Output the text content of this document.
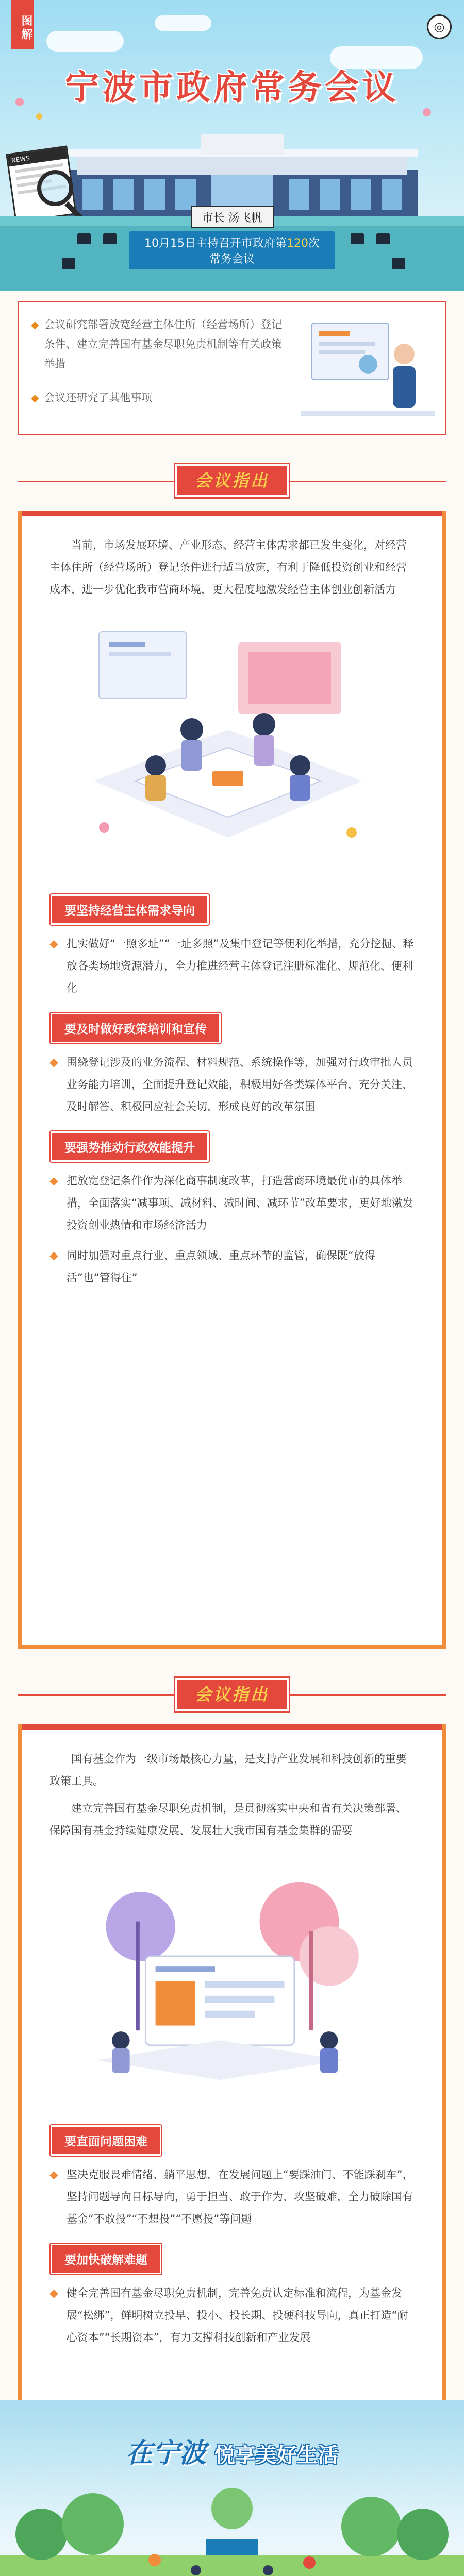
图解	◎
宁波市政府常务会议
NEWS
市长 汤飞帆
10月15日主持召开市政府第120次常务会议
◆ 会议研究部署放宽经营主体住所（经营场所）登记条件、建立完善国有基金尽职免责机制等有关政策举措
◆ 会议还研究了其他事项
会议指出
当前，市场发展环境、产业形态、经营主体需求都已发生变化，对经营主体住所（经营场所）登记条件进行适当放宽，有利于降低投资创业和经营成本，进一步优化我市营商环境，更大程度地激发经营主体创业创新活力
要坚持经营主体需求导向
◆ 扎实做好“一照多址”“一址多照”及集中登记等便利化举措，充分挖掘、释放各类场地资源潜力，全力推进经营主体登记注册标准化、规范化、便利化
要及时做好政策培训和宣传
◆ 围绕登记涉及的业务流程、材料规范、系统操作等，加强对行政审批人员业务能力培训，全面提升登记效能，积极用好各类媒体平台，充分关注、及时解答、积极回应社会关切，形成良好的改革氛围
要强势推动行政效能提升
◆ 把放宽登记条件作为深化商事制度改革，打造营商环境最优市的具体举措，全面落实“减事项、减材料、减时间、减环节”改革要求，更好地激发投资创业热情和市场经济活力
◆ 同时加强对重点行业、重点领域、重点环节的监管，确保既“放得活”也“管得住”
会议指出
国有基金作为一级市场最核心力量，是支持产业发展和科技创新的重要政策工具。
建立完善国有基金尽职免责机制，是贯彻落实中央和省有关决策部署、保障国有基金持续健康发展、发展壮大我市国有基金集群的需要
要直面问题困难
◆ 坚决克服畏难情绪、躺平思想，在发展问题上“要踩油门、不能踩刹车”，坚持问题导向目标导向，勇于担当、敢于作为、攻坚破难，全力破除国有基金“不敢投”“不想投”“不愿投”等问题
要加快破解难题
◆ 健全完善国有基金尽职免责机制，完善免责认定标准和流程，为基金发展“松绑”，鲜明树立投早、投小、投长期、投硬科技导向，真正打造“耐心资本”“长期资本”，有力支撑科技创新和产业发展
在宁波 悦享美好生活
